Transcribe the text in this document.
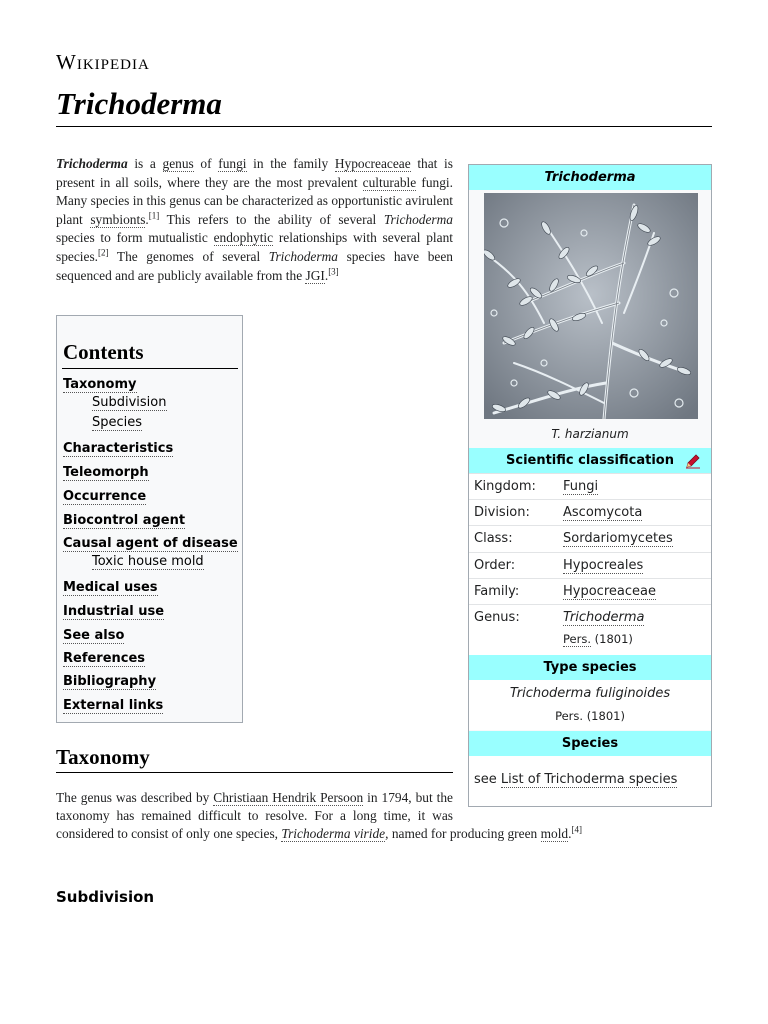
Wikipedia
Trichoderma

Trichoderma is a genus of fungi in the family Hypocreaceae that is present in all soils, where they are the most prevalent culturable fungi. Many species in this genus can be characterized as opportunistic avirulent plant symbionts.[1] This refers to the ability of several Trichoderma species to form mutualistic endophytic relationships with several plant species.[2] The genomes of several Trichoderma species have been sequenced and are publicly available from the JGI.[3]

Contents
Taxonomy
Subdivision
Species
Characteristics
Teleomorph
Occurrence
Biocontrol agent
Causal agent of disease
Toxic house mold
Medical uses
Industrial use
See also
References
Bibliography
External links
Trichoderma
T. harzianum
Scientific classification
Kingdom: Fungi
Division:	Ascomycota
Class:	Sordariomycetes
Order:	Hypocreales
Family:	Hypocreaceae
Genus:	Trichoderma
Pers. (1801)
Type species
Trichoderma fuliginoides
Pers. (1801)
Species
see List of Trichoderma species
Taxonomy

The genus was described by Christiaan Hendrik Persoon in 1794, but the taxonomy has remained difficult to resolve. For a long time, it was considered to consist of only one species, Trichoderma viride, named for producing green mold.[4]

Subdivision
